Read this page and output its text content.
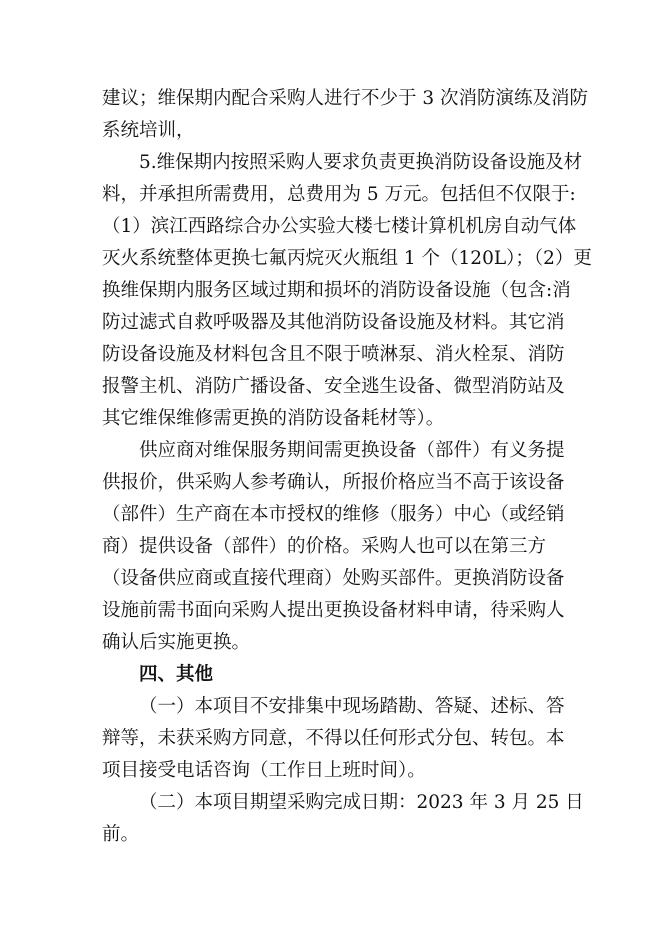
建议；维保期内配合采购人进行不少于 3 次消防演练及消防
系统培训，
5.维保期内按照采购人要求负责更换消防设备设施及材
料，并承担所需费用，总费用为 5 万元。包括但不仅限于:
（1）滨江西路综合办公实验大楼七楼计算机机房自动气体
灭火系统整体更换七氟丙烷灭火瓶组 1 个（120L）；（2）更
换维保期内服务区域过期和损坏的消防设备设施（包含:消
防过滤式自救呼吸器及其他消防设备设施及材料。其它消
防设备设施及材料包含且不限于喷淋泵、消火栓泵、消防
报警主机、消防广播设备、安全逃生设备、微型消防站及
其它维保维修需更换的消防设备耗材等）。
供应商对维保服务期间需更换设备（部件）有义务提
供报价，供采购人参考确认，所报价格应当不高于该设备
（部件）生产商在本市授权的维修（服务）中心（或经销
商）提供设备（部件）的价格。采购人也可以在第三方
（设备供应商或直接代理商）处购买部件。更换消防设备
设施前需书面向采购人提出更换设备材料申请，待采购人
确认后实施更换。
四、其他
（一）本项目不安排集中现场踏勘、答疑、述标、答
辩等，未获采购方同意，不得以任何形式分包、转包。本
项目接受电话咨询（工作日上班时间）。
（二）本项目期望采购完成日期：2023 年 3 月 25 日
前。
